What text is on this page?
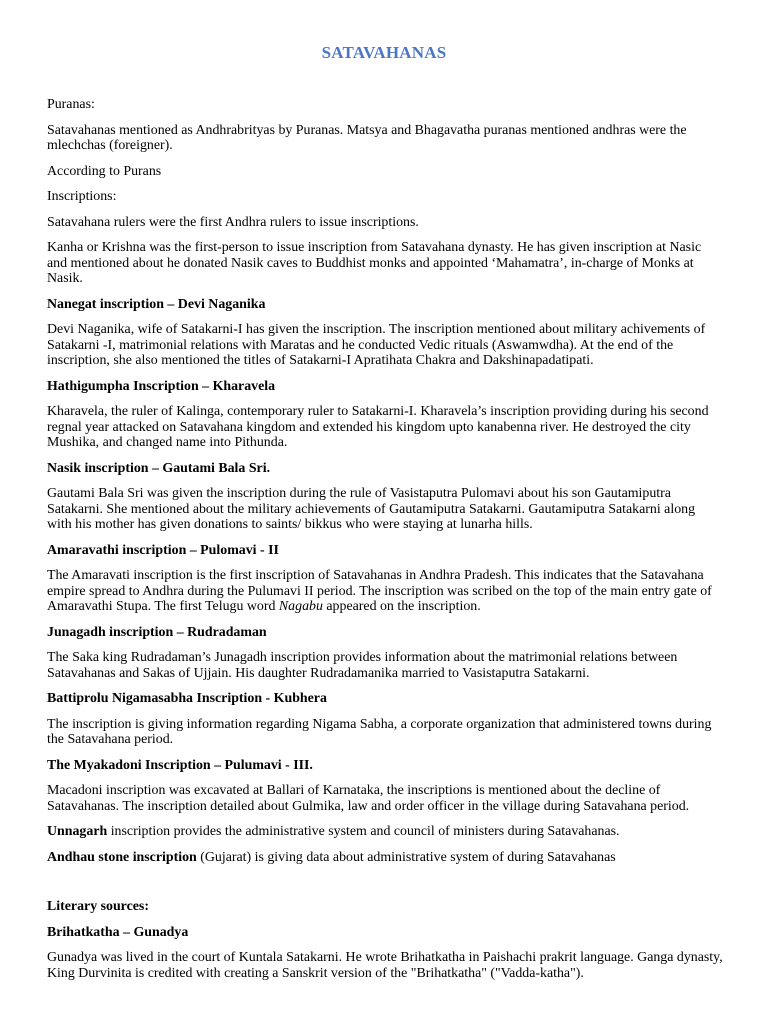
SATAVAHANAS

Puranas:

Satavahanas mentioned as Andhrabrityas by Puranas. Matsya and Bhagavatha puranas mentioned andhras were the mlechchas (foreigner).

According to Purans

Inscriptions:

Satavahana rulers were the first Andhra rulers to issue inscriptions.

Kanha or Krishna was the first-person to issue inscription from Satavahana dynasty. He has given inscription at Nasic and mentioned about he donated Nasik caves to Buddhist monks and appointed ‘Mahamatra’, in-charge of Monks at Nasik.

Nanegat inscription – Devi Naganika

Devi Naganika, wife of Satakarni-I has given the inscription. The inscription mentioned about military achivements of Satakarni -I, matrimonial relations with Maratas and he conducted Vedic rituals (Aswamwdha). At the end of the inscription, she also mentioned the titles of Satakarni-I Apratihata Chakra and Dakshinapadatipati.

Hathigumpha Inscription – Kharavela

Kharavela, the ruler of Kalinga, contemporary ruler to Satakarni-I. Kharavela’s inscription providing during his second regnal year attacked on Satavahana kingdom and extended his kingdom upto kanabenna river. He destroyed the city Mushika, and changed name into Pithunda.

Nasik inscription – Gautami Bala Sri.

Gautami Bala Sri was given the inscription during the rule of Vasistaputra Pulomavi about his son Gautamiputra Satakarni. She mentioned about the military achievements of Gautamiputra Satakarni. Gautamiputra Satakarni along with his mother has given donations to saints/ bikkus who were staying at lunarha hills.

Amaravathi inscription – Pulomavi - II

The Amaravati inscription is the first inscription of Satavahanas in Andhra Pradesh. This indicates that the Satavahana empire spread to Andhra during the Pulumavi II period. The inscription was scribed on the top of the main entry gate of Amaravathi Stupa. The first Telugu word Nagabu appeared on the inscription.

Junagadh inscription – Rudradaman

The Saka king Rudradaman’s Junagadh inscription provides information about the matrimonial relations between Satavahanas and Sakas of Ujjain. His daughter Rudradamanika married to Vasistaputra Satakarni.

Battiprolu Nigamasabha Inscription - Kubhera

The inscription is giving information regarding Nigama Sabha, a corporate organization that administered towns during the Satavahana period.

The Myakadoni Inscription – Pulumavi - III.

Macadoni inscription was excavated at Ballari of Karnataka, the inscriptions is mentioned about the decline of Satavahanas. The inscription detailed about Gulmika, law and order officer in the village during Satavahana period.

Unnagarh inscription provides the administrative system and council of ministers during Satavahanas.

Andhau stone inscription (Gujarat) is giving data about administrative system of during Satavahanas

Literary sources:

Brihatkatha – Gunadya

Gunadya was lived in the court of Kuntala Satakarni. He wrote Brihatkatha in Paishachi prakrit language. Ganga dynasty, King Durvinita is credited with creating a Sanskrit version of the "Brihatkatha" ("Vadda-katha").
